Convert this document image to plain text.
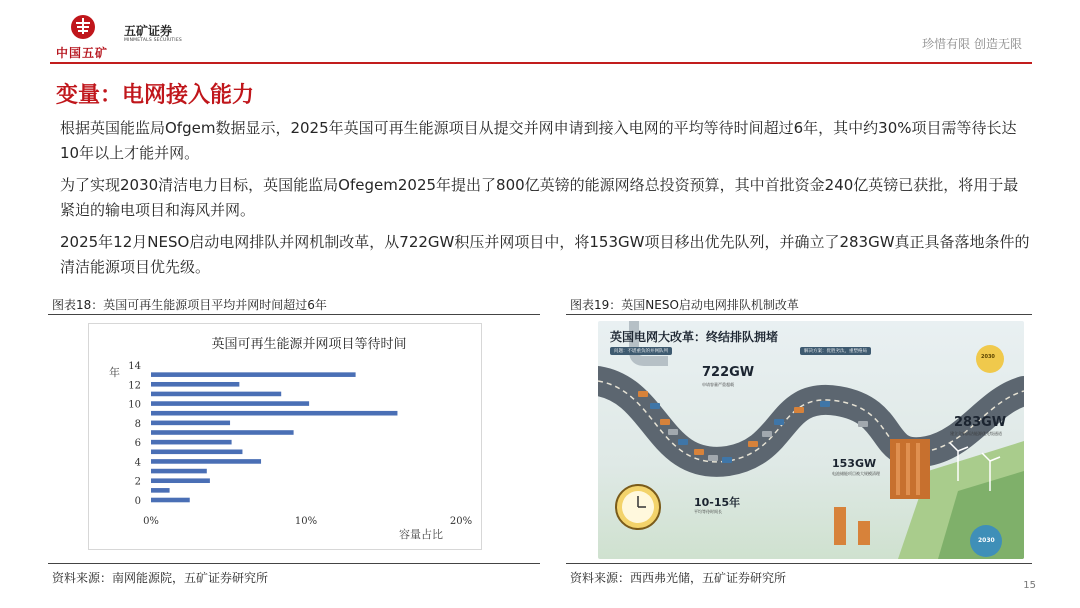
中国五矿
五矿证券
MINMETALS SECURITIES	珍惜有限 创造无限
变量：电网接入能力

根据英国能监局Ofgem数据显示，2025年英国可再生能源项目从提交并网申请到接入电网的平均等待时间超过6年，其中约30%项目需等待长达10年以上才能并网。

为了实现2030清洁电力目标，英国能监局Ofegem2025年提出了800亿英镑的能源网络总投资预算，其中首批资金240亿英镑已获批，将用于最紧迫的输电项目和海风并网。

2025年12月NESO启动电网排队并网机制改革，从722GW积压并网项目中，将153GW项目移出优先队列，并确立了283GW真正具备落地条件的清洁能源项目优先级。

图表18：英国可再生能源项目平均并网时间超过6年
英国可再生能源并网项目等待时间
年
容量占比
0
2
4
6
8
10
12
14
0%	10%	20%
资料来源：南网能源院，五矿证券研究所
图表19：英国NESO启动电网排队机制改革
英国电网大改革：终结排队拥堵
问题：不堪重负的并网队列	解决方案：优胜劣汰，重塑格局
722GW
申请容量严重超载
153GW
电池储能项目被大规模清理
283GW
建立全新清洁能源优先级通道
10-15年
平均等待时间长
2030
2030
资料来源：西西弗光储，五矿证券研究所
15
